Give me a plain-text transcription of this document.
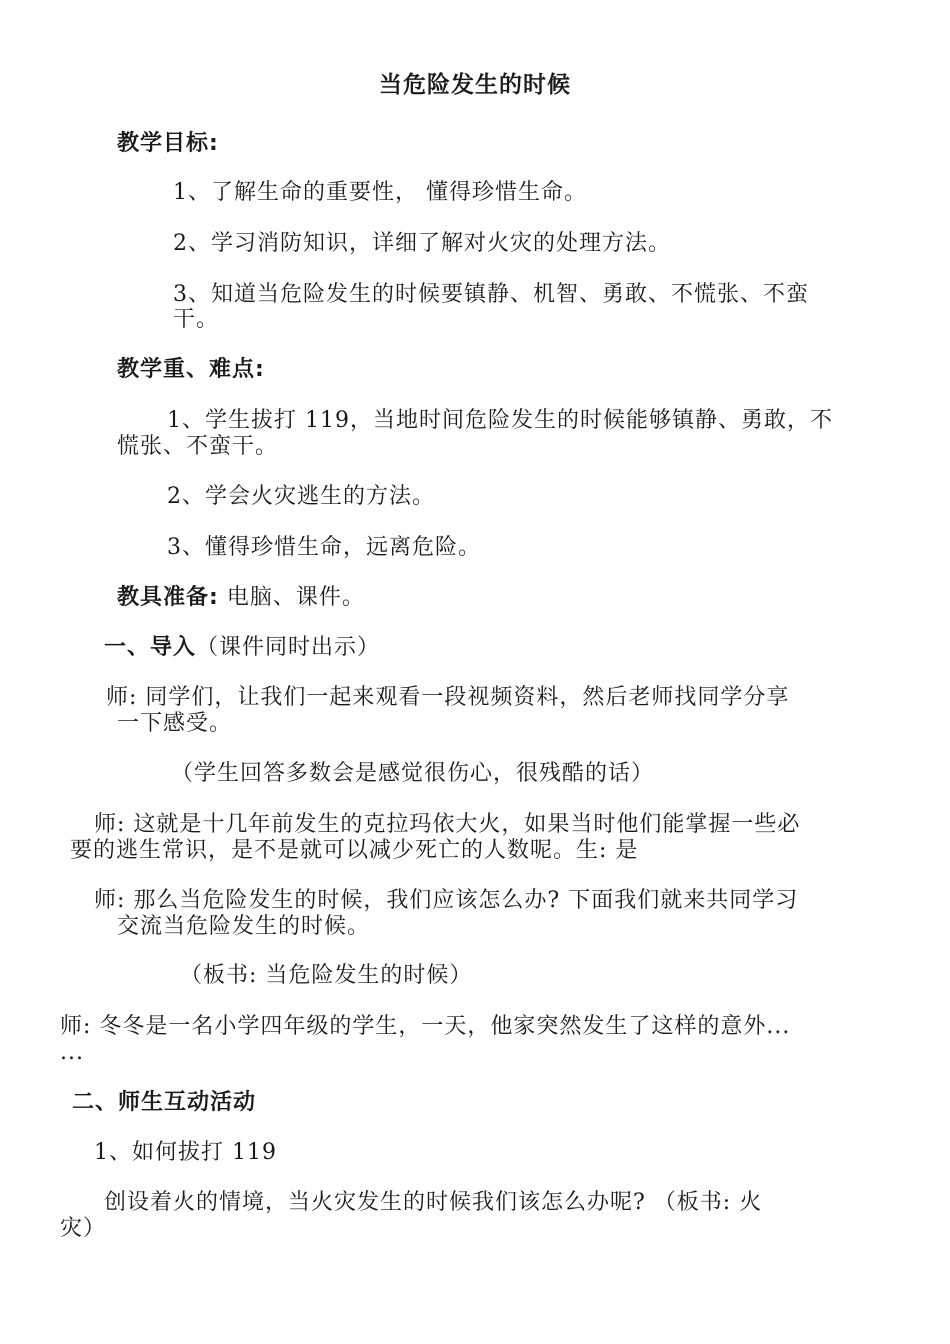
当危险发生的时候
教学目标:
1、了解生命的重要性， 懂得珍惜生命。
2、学习消防知识，详细了解对火灾的处理方法。
3、知道当危险发生的时候要镇静、机智、勇敢、不慌张、不蛮
干。
教学重、难点:
1、学生拔打 119，当地时间危险发生的时候能够镇静、勇敢，不
慌张、不蛮干。
2、学会火灾逃生的方法。
3、懂得珍惜生命，远离危险。
教具准备: 电脑、课件。
一、导入（课件同时出示）
师: 同学们，让我们一起来观看一段视频资料，然后老师找同学分享
一下感受。
（学生回答多数会是感觉很伤心，很残酷的话）
师: 这就是十几年前发生的克拉玛依大火，如果当时他们能掌握一些必
要的逃生常识，是不是就可以减少死亡的人数呢。生: 是
师: 那么当危险发生的时候，我们应该怎么办? 下面我们就来共同学习
交流当危险发生的时候。
（板书: 当危险发生的时候）
师: 冬冬是一名小学四年级的学生，一天，他家突然发生了这样的意外...
...
二、师生互动活动
1、如何拔打 119
创设着火的情境，当火灾发生的时候我们该怎么办呢? （板书: 火
灾）
